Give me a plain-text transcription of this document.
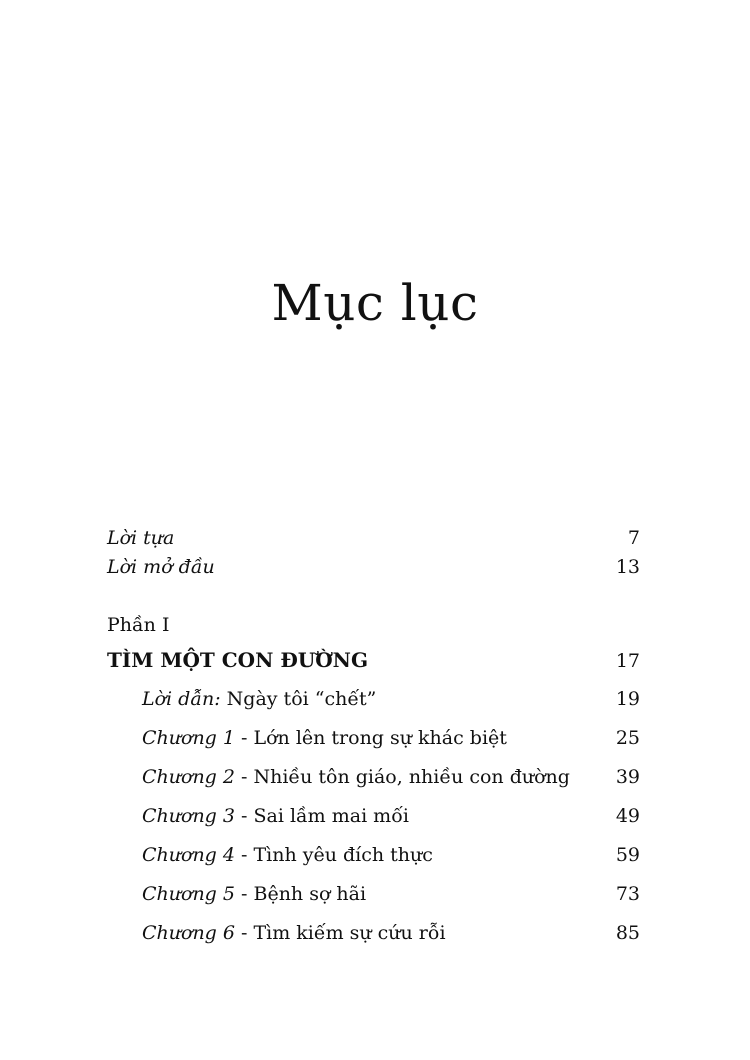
Mục lục
Lời tựa	7
Lời mở đầu	13
Phần I
TÌM MỘT CON ĐƯỜNG	17
Lời dẫn: Ngày tôi “chết”	19
Chương 1 - Lớn lên trong sự khác biệt	25
Chương 2 - Nhiều tôn giáo, nhiều con đường 39
Chương 3 - Sai lầm mai mối	49
Chương 4 - Tình yêu đích thực	59
Chương 5 - Bệnh sợ hãi	73
Chương 6 - Tìm kiếm sự cứu rỗi	85
